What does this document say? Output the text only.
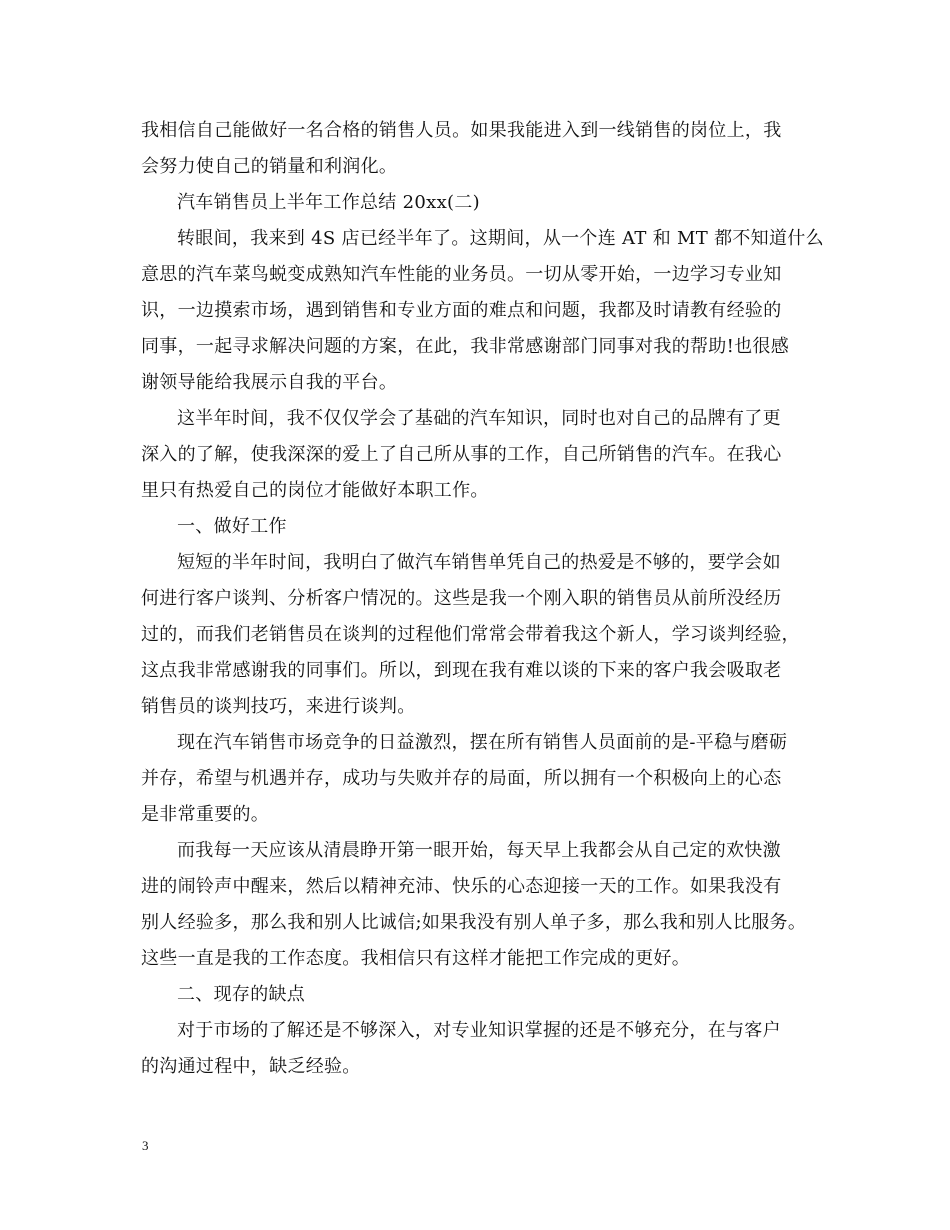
我相信自己能做好一名合格的销售人员。如果我能进入到一线销售的岗位上，我
会努力使自己的销量和利润化。
汽车销售员上半年工作总结 20xx(二)
转眼间，我来到 4S 店已经半年了。这期间，从一个连 AT 和 MT 都不知道什么
意思的汽车菜鸟蜕变成熟知汽车性能的业务员。一切从零开始，一边学习专业知
识，一边摸索市场，遇到销售和专业方面的难点和问题，我都及时请教有经验的
同事，一起寻求解决问题的方案，在此，我非常感谢部门同事对我的帮助!也很感
谢领导能给我展示自我的平台。
这半年时间，我不仅仅学会了基础的汽车知识，同时也对自己的品牌有了更
深入的了解，使我深深的爱上了自己所从事的工作，自己所销售的汽车。在我心
里只有热爱自己的岗位才能做好本职工作。
一、做好工作
短短的半年时间，我明白了做汽车销售单凭自己的热爱是不够的，要学会如
何进行客户谈判、分析客户情况的。这些是我一个刚入职的销售员从前所没经历
过的，而我们老销售员在谈判的过程他们常常会带着我这个新人，学习谈判经验，
这点我非常感谢我的同事们。所以，到现在我有难以谈的下来的客户我会吸取老
销售员的谈判技巧，来进行谈判。
现在汽车销售市场竞争的日益激烈，摆在所有销售人员面前的是-平稳与磨砺
并存，希望与机遇并存，成功与失败并存的局面，所以拥有一个积极向上的心态
是非常重要的。
而我每一天应该从清晨睁开第一眼开始，每天早上我都会从自己定的欢快激
进的闹铃声中醒来，然后以精神充沛、快乐的心态迎接一天的工作。如果我没有
别人经验多，那么我和别人比诚信;如果我没有别人单子多，那么我和别人比服务。
这些一直是我的工作态度。我相信只有这样才能把工作完成的更好。
二、现存的缺点
对于市场的了解还是不够深入，对专业知识掌握的还是不够充分，在与客户
的沟通过程中，缺乏经验。
3
